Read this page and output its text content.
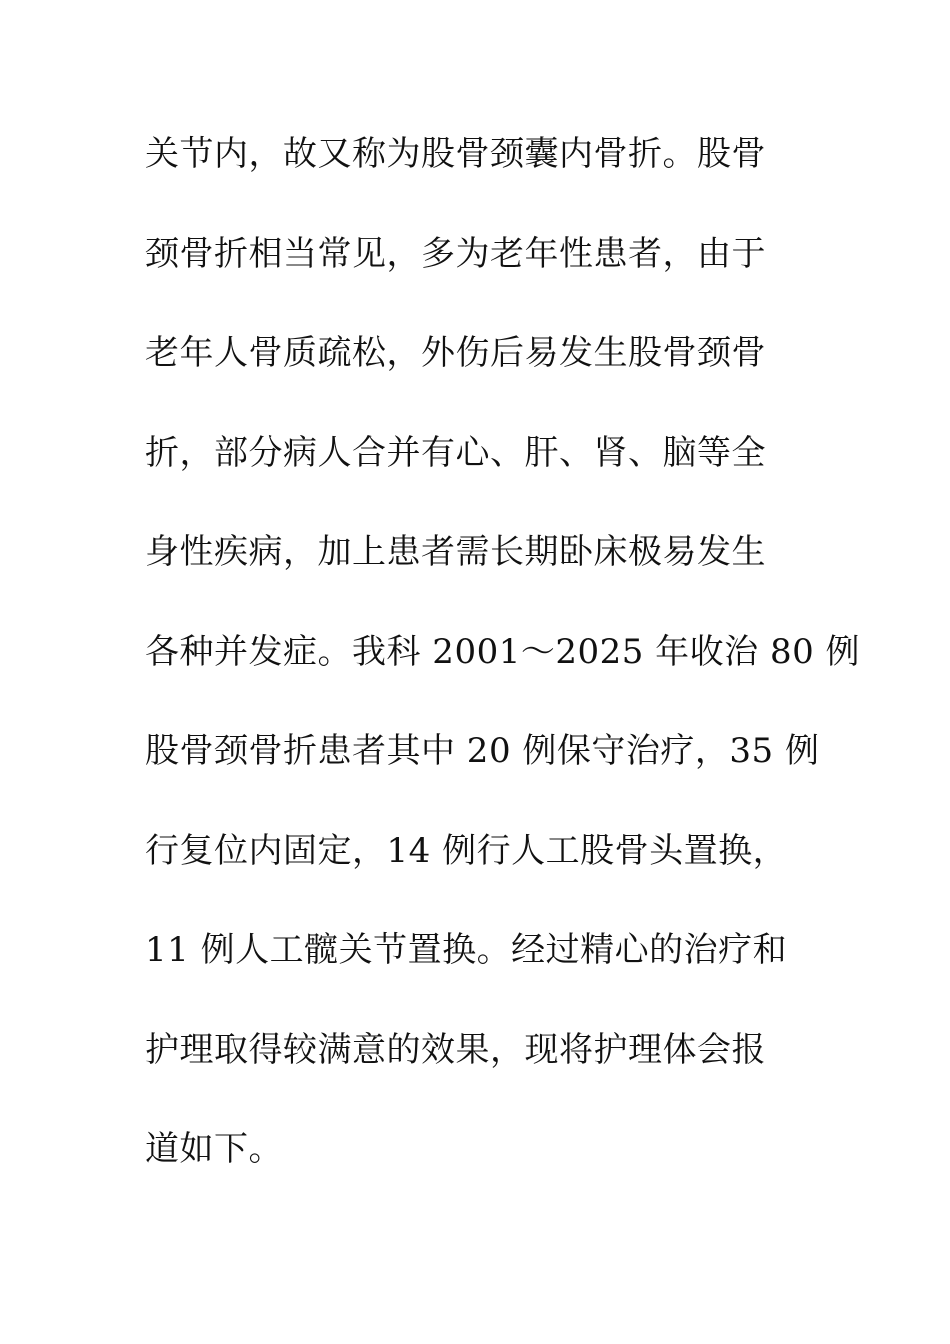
关节内，故又称为股骨颈囊内骨折。股骨
颈骨折相当常见，多为老年性患者，由于
老年人骨质疏松，外伤后易发生股骨颈骨
折，部分病人合并有心、肝、肾、脑等全
身性疾病，加上患者需长期卧床极易发生
各种并发症。我科 2001～2025 年收治 80 例
股骨颈骨折患者其中 20 例保守治疗，35 例
行复位内固定，14 例行人工股骨头置换，
11 例人工髋关节置换。经过精心的治疗和
护理取得较满意的效果，现将护理体会报
道如下。
